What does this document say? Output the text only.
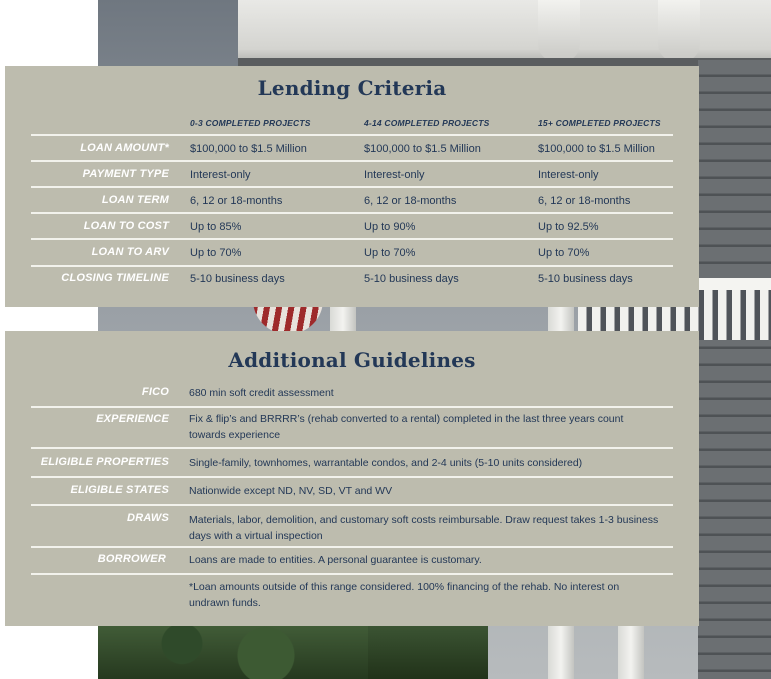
Lending Criteria
0-3 COMPLETED PROJECTS	4-14 COMPLETED PROJECTS	15+ COMPLETED PROJECTS
LOAN AMOUNT* $100,000 to $1.5 Million	$100,000 to $1.5 Million	$100,000 to $1.5 Million
PAYMENT TYPE Interest-only	Interest-only	Interest-only
LOAN TERM 6, 12 or 18-months	6, 12 or 18-months	6, 12 or 18-months
LOAN TO COST Up to 85%	Up to 90%	Up to 92.5%
LOAN TO ARV Up to 70%	Up to 70%	Up to 70%
CLOSING TIMELINE 5-10 business days	5-10 business days	5-10 business days
Additional Guidelines
FICO 680 min soft credit assessment
EXPERIENCE Fix & flip’s and BRRRR’s (rehab converted to a rental) completed in the last three years count towards experience
ELIGIBLE PROPERTIES Single-family, townhomes, warrantable condos, and 2-4 units (5-10 units considered)
ELIGIBLE STATES Nationwide except ND, NV, SD, VT and WV
DRAWS Materials, labor, demolition, and customary soft costs reimbursable. Draw request takes 1-3 business days with a virtual inspection
BORROWER Loans are made to entities. A personal guarantee is customary.
*Loan amounts outside of this range considered. 100% financing of the rehab. No interest on undrawn funds.
